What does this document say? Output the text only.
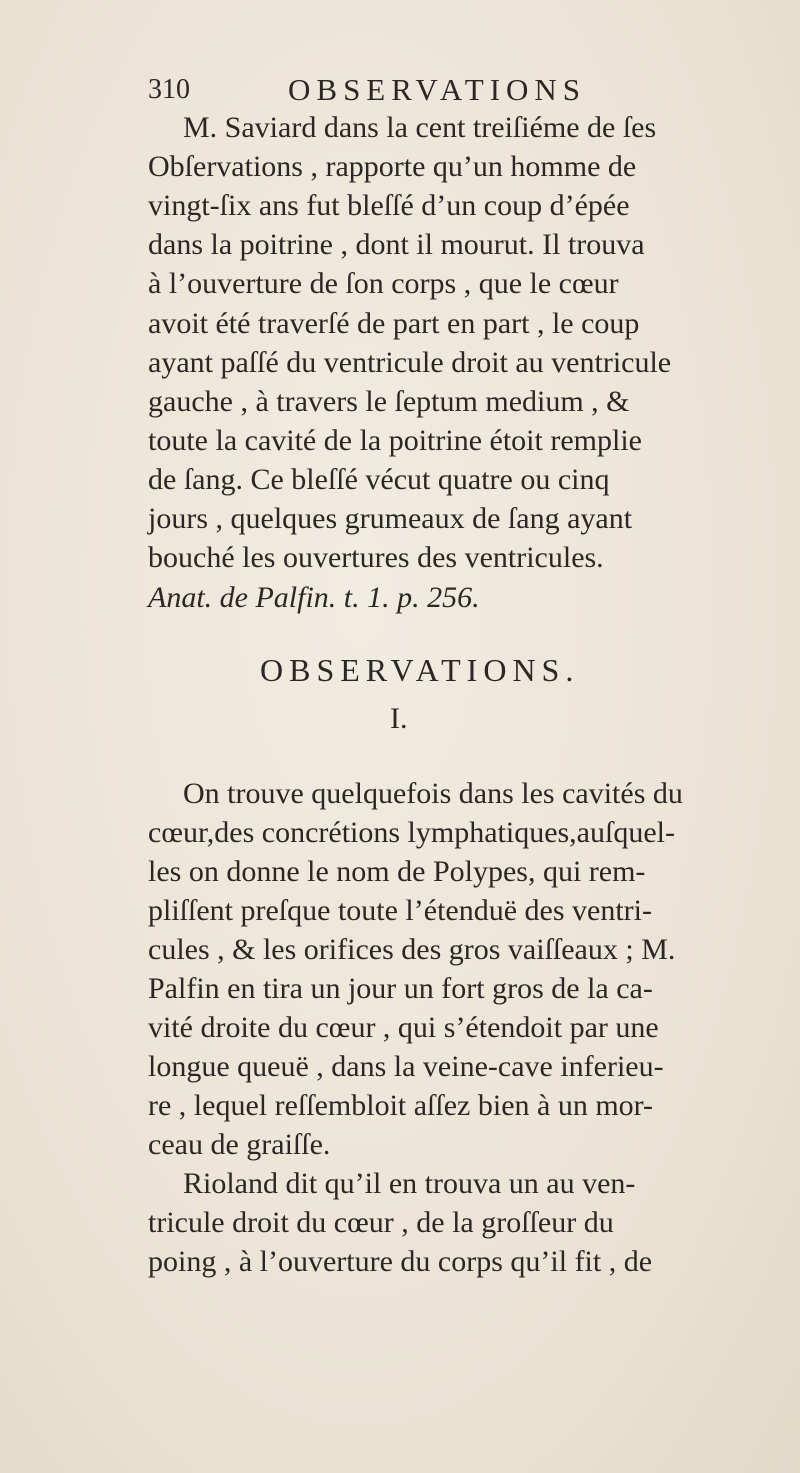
310	OBSERVATIONS
M. Saviard dans la cent treiſiéme de ſes
Obſervations , rapporte qu’un homme de
vingt-ſix ans fut bleſſé d’un coup d’épée
dans la poitrine , dont il mourut. Il trouva
à l’ouverture de ſon corps , que le cœur
avoit été traverſé de part en part , le coup
ayant paſſé du ventricule droit au ventricule
gauche , à travers le ſeptum medium , &
toute la cavité de la poitrine étoit remplie
de ſang. Ce bleſſé vécut quatre ou cinq
jours , quelques grumeaux de ſang ayant
bouché les ouvertures des ventricules.
Anat. de Palfin. t. 1. p. 256.
OBSERVATIONS.
I.
On trouve quelquefois dans les cavités du
cœur,des concrétions lymphatiques,auſquel-
les on donne le nom de Polypes, qui rem-
pliſſent preſque toute l’étenduë des ventri-
cules , & les orifices des gros vaiſſeaux ; M.
Palfin en tira un jour un fort gros de la ca-
vité droite du cœur , qui s’étendoit par une
longue queuë , dans la veine-cave inferieu-
re , lequel reſſembloit aſſez bien à un mor-
ceau de graiſſe.
Rioland dit qu’il en trouva un au ven-
tricule droit du cœur , de la groſſeur du
poing , à l’ouverture du corps qu’il fit , de
